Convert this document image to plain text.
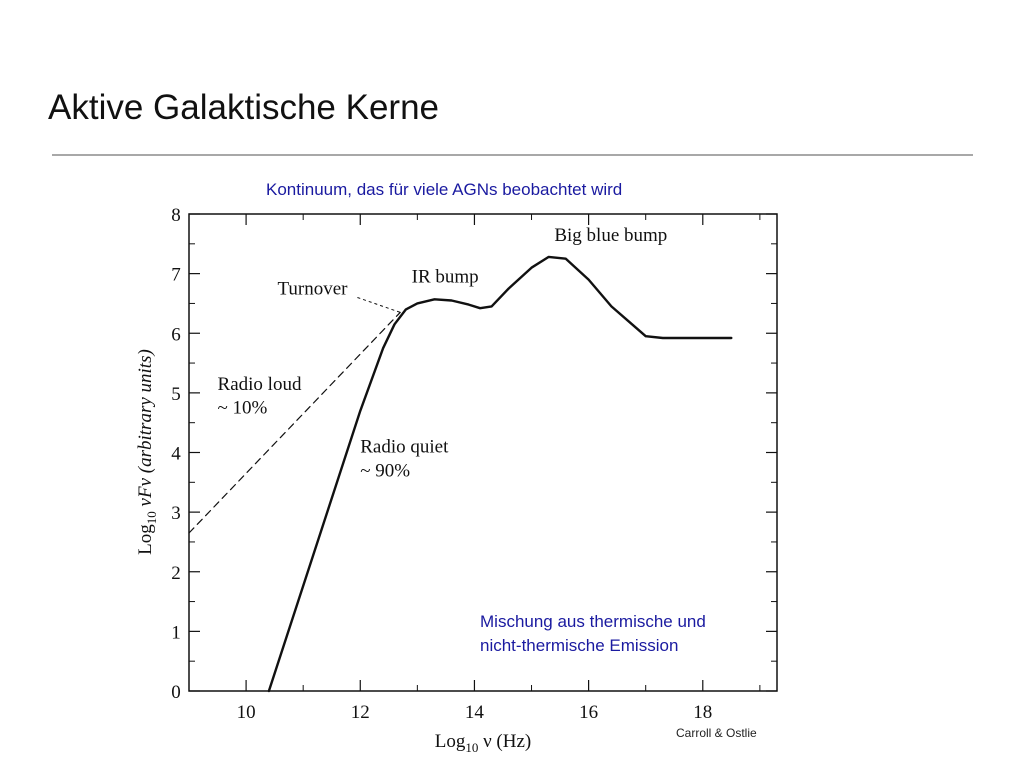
Aktive Galaktische Kerne
10	12	14	16	18
0
1
2
3
4
5
6
7
8
Big blue bump
IR bump
Turnover
Radio loud
~ 10%
Radio quiet
~ 90%
Log$_{10}$ νFν (arbitrary units)
Log$_{10}$ ν (Hz)
Kontinuum, das für viele AGNs beobachtet wird
Mischung aus thermische und
nicht-thermische Emission
Carroll & Ostlie
